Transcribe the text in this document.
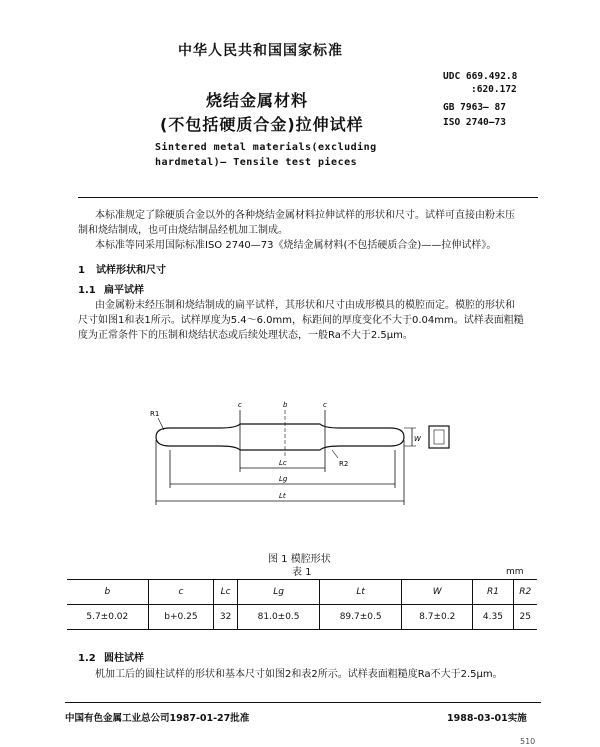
中华人民共和国国家标准
烧结金属材料
(不包括硬质合金)拉伸试样
Sintered metal materials(excluding
hardmetal)— Tensile test pieces
UDC 669.492.8
:620.172
GB 7963— 87
ISO 2740—73
本标准规定了除硬质合金以外的各种烧结金属材料拉伸试样的形状和尺寸。试样可直接由粉末压
制和烧结制成，也可由烧结制品经机加工制成。
本标准等同采用国际标准ISO 2740—73《烧结金属材料(不包括硬质合金)——拉伸试样》。
1 试样形状和尺寸
1.1 扁平试样
由金属粉末经压制和烧结制成的扁平试样，其形状和尺寸由成形模具的模腔而定。模腔的形状和
尺寸如图1和表1所示。试样厚度为5.4～6.0mm，标距间的厚度变化不大于0.04mm。试样表面粗糙
度为正常条件下的压制和烧结状态或后续处理状态，一般Ra不大于2.5μm。
R1
c	b	c
W
R2
Lc
Lg
Lt
图 1 模腔形状
表 1	mm
b	c	Lc	Lg	Lt	W	R1	R2
5.7±0.02	b+0.25	32	81.0±0.5	89.7±0.5	8.7±0.2	4.35	25
1.2 圆柱试样
机加工后的圆柱试样的形状和基本尺寸如图2和表2所示。试样表面粗糙度Ra不大于2.5μm。
中国有色金属工业总公司1987-01-27批准	1988-03-01实施
510
